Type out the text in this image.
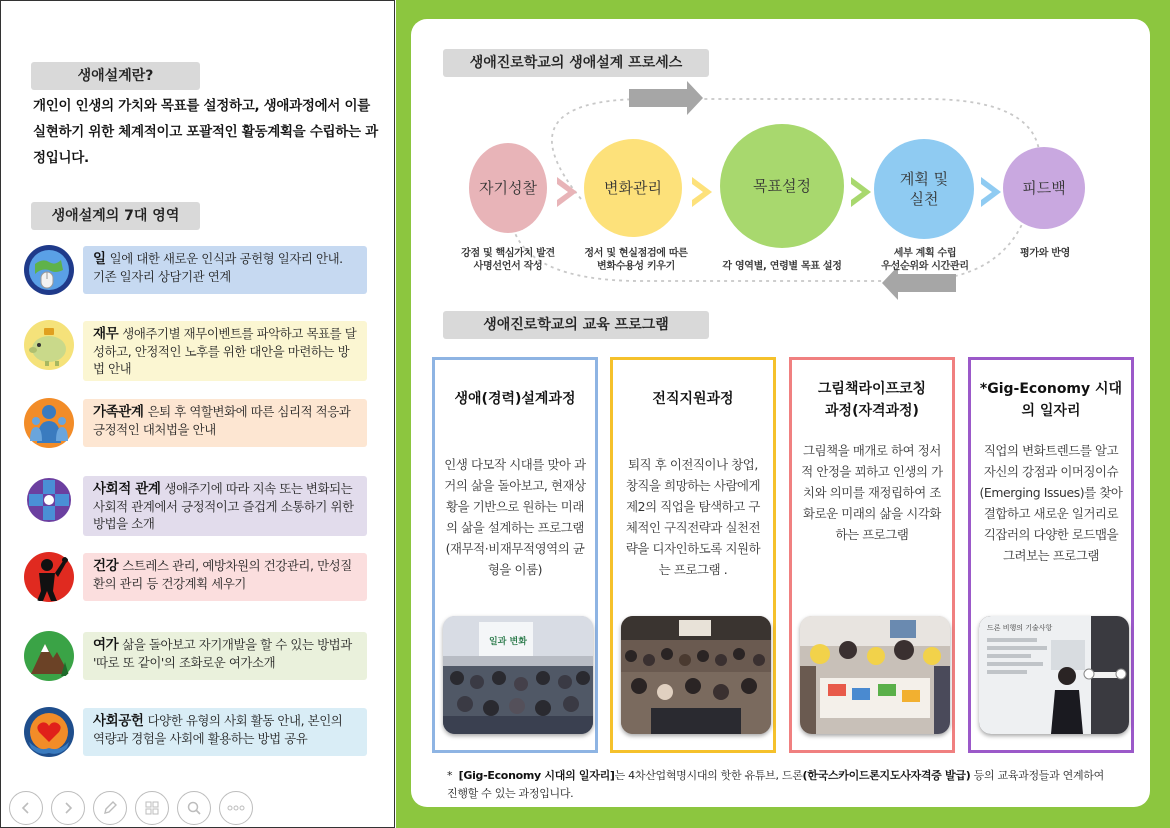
생애설계란?
개인이 인생의 가치와 목표를 설정하고, 생애과정에서 이를 실현하기 위한 체계적이고 포괄적인 활동계획을 수립하는 과정입니다.
생애설계의 7대 영역
일 일에 대한 새로운 인식과 공헌형 일자리 안내. 기존 일자리 상담기관 연계
재무 생애주기별 재무이벤트를 파악하고 목표를 달성하고, 안정적인 노후를 위한 대안을 마련하는 방법 안내
가족관계 은퇴 후 역할변화에 따른 심리적 적응과 긍정적인 대처법을 안내
사회적 관계 생애주기에 따라 지속 또는 변화되는 사회적 관계에서 긍정적이고 즐겁게 소통하기 위한 방법을 소개
건강 스트레스 관리, 예방차원의 건강관리, 만성질환의 관리 등 건강계획 세우기
여가 삶을 돌아보고 자기개발을 할 수 있는 방법과 '따로 또 같이'의 조화로운 여가소개
사회공헌 다양한 유형의 사회 활동 안내, 본인의 역량과 경험을 사회에 활용하는 방법 공유
생애진로학교의 생애설계 프로세스
자기성찰	변화관리	목표설정	계획 및
실천
피드백
강점 및 핵심가치 발견
사명선언서 작성
정서 및 현실점검에 따른
변화수용성 키우기	각 영역별, 연령별 목표 설정
세부 계획 수립
우선순위와 시간관리
평가와 반영
생애진로학교의 교육 프로그램
생애(경력)설계과정
인생 다모작 시대를 맞아 과거의 삶을 돌아보고, 현재상황을 기반으로 원하는 미래의 삶을 설계하는 프로그램(재무적·비재무적영역의 균형을 이룸)
일과 변화
전직지원과정
퇴직 후 이전직이나 창업, 창직을 희망하는 사람에게 제2의 직업을 탐색하고 구체적인 구직전략과 실천전략을 디자인하도록 지원하는 프로그램 .
그림책라이프코칭
과정(자격과정)
그림책을 매개로 하여 정서적 안정을 꾀하고 인생의 가치와 의미를 재정립하여 조화로운 미래의 삶을 시각화하는 프로그램
*Gig-Economy 시대
의 일자리
직업의 변화트렌드를 알고 자신의 강점과 이머징이슈(Emerging Issues)를 찾아 결합하고 새로운 일거리로 긱잡러의 다양한 로드맵을 그려보는 프로그램
드론 비행의 기술사항
* [Gig-Economy 시대의 일자리]는 4차산업혁명시대의 핫한 유튜브, 드론(한국스카이드론지도사자격증 발급) 등의 교육과정들과 연계하여 진행할 수 있는 과정입니다.
